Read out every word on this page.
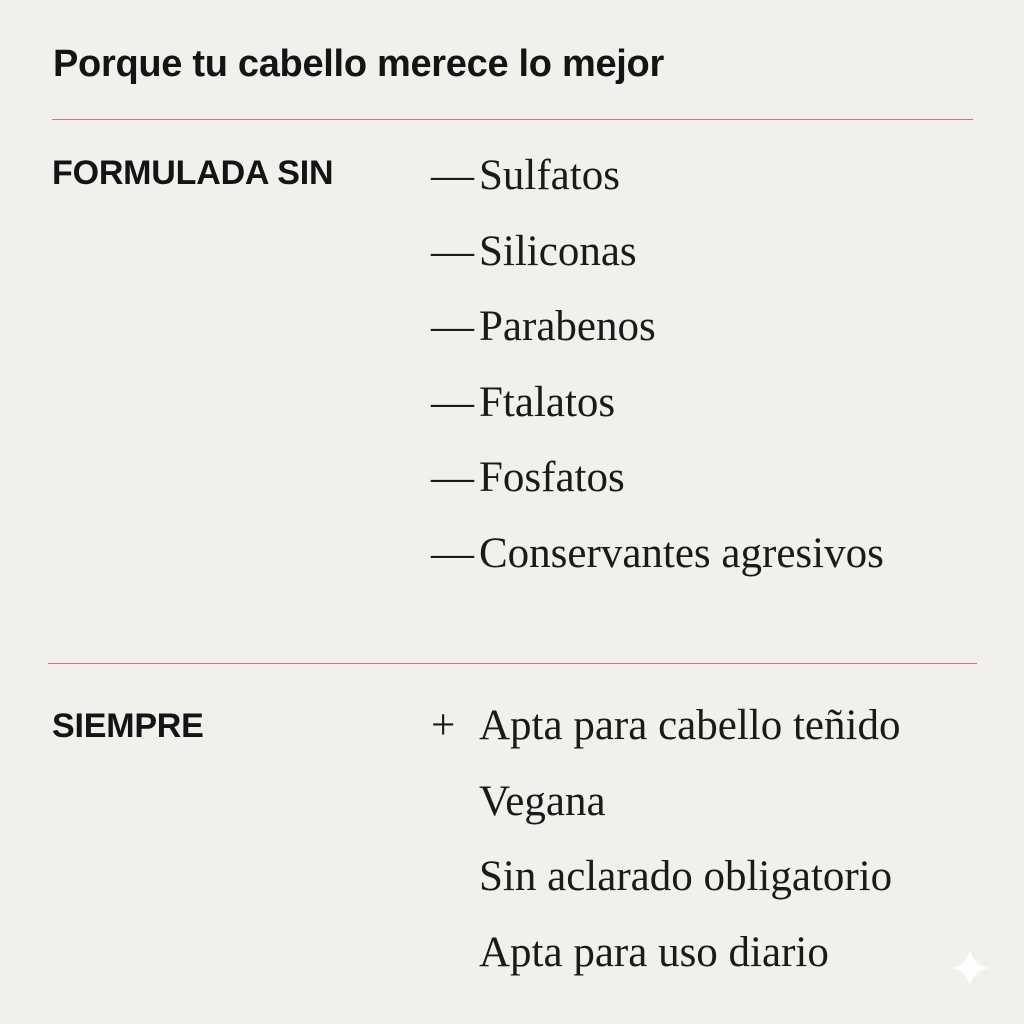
Porque tu cabello merece lo mejor
FORMULADA SIN	— Sulfatos
— Siliconas
— Parabenos
— Ftalatos
— Fosfatos
— Conservantes agresivos
SIEMPRE	+ Apta para cabello teñido
Vegana
Sin aclarado obligatorio
Apta para uso diario
